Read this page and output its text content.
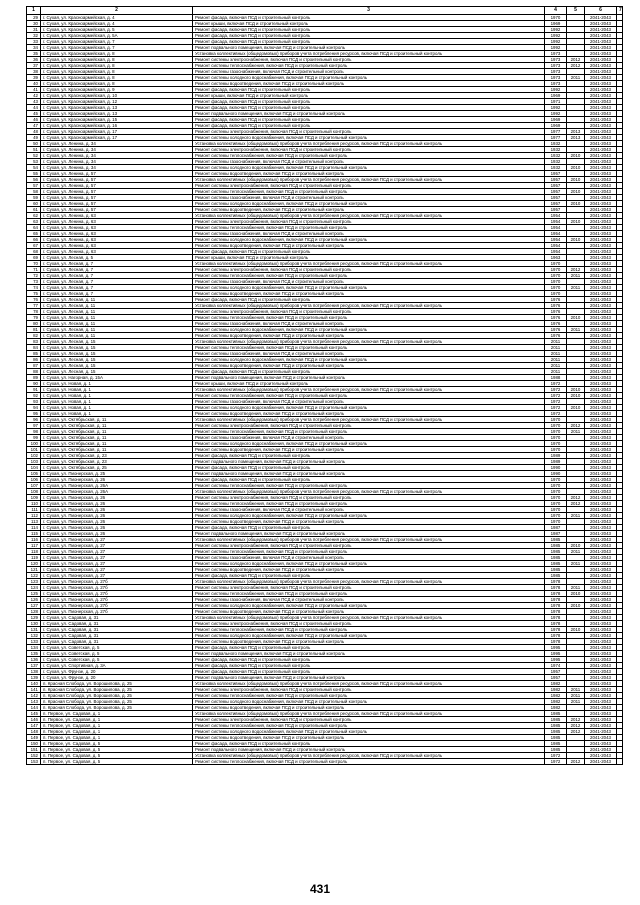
1	2	3	4	5	6	7
29	г. Сухая, ул. Красноармейская, д. 4	Ремонт фасада, включая ПСД и строительный контроль	1970		2041-2043	
30	г. Сухая, ул. Красноармейская, д. 4	Ремонт крыши, включая ПСД и строительный контроль	1969		2041-2043	
31	г. Сухая, ул. Красноармейская, д. 5	Ремонт фасада, включая ПСД и строительный контроль	1992		2041-2043	
32	г. Сухая, ул. Красноармейская, д. 5А	Ремонт фасада, включая ПСД и строительный контроль	1992		2041-2043	
33	г. Сухая, ул. Красноармейская, д. 7	Ремонт фасада, включая ПСД и строительный контроль	1992		2041-2043	
34	г. Сухая, ул. Красноармейская, д. 7	Ремонт подвального помещения, включая ПСД и строительный контроль	1992		2041-2043	
35	г. Сухая, ул. Красноармейская, д. 8	Установка коллективных (общедомовых) приборов учета потребления ресурсов, включая ПСД и строительный контроль	1973		2041-2043	
36	г. Сухая, ул. Красноармейская, д. 8	Ремонт системы электроснабжения, включая ПСД и строительный контроль	1973	2012	2041-2043	
37	г. Сухая, ул. Красноармейская, д. 8	Ремонт системы теплоснабжения, включая ПСД и строительный контроль	1973	2012	2041-2043	
38	г. Сухая, ул. Красноармейская, д. 8	Ремонт системы газоснабжения, включая ПСД и строительный контроль	1973		2041-2043	
39	г. Сухая, ул. Красноармейская, д. 8	Ремонт системы холодного водоснабжения, включая ПСД и строительный контроль	1973	2011	2041-2043	
40	г. Сухая, ул. Красноармейская, д. 8	Ремонт системы водоотведения, включая ПСД и строительный контроль	1973		2041-2043	
41	г. Сухая, ул. Красноармейская, д. 9	Ремонт фасада, включая ПСД и строительный контроль	1992		2041-2043	
42	г. Сухая, ул. Красноармейская, д. 10	Ремонт крыши, включая ПСД и строительный контроль	1969		2041-2043	
43	г. Сухая, ул. Красноармейская, д. 12	Ремонт фасада, включая ПСД и строительный контроль	1971		2041-2043	
44	г. Сухая, ул. Красноармейская, д. 13	Ремонт фасада, включая ПСД и строительный контроль	1992		2041-2043	
45	г. Сухая, ул. Красноармейская, д. 13	Ремонт подвального помещения, включая ПСД и строительный контроль	1992		2041-2043	
46	г. Сухая, ул. Красноармейская, д. 15	Ремонт фасада, включая ПСД и строительный контроль	1969		2041-2043	
47	г. Сухая, ул. Красноармейская, д. 16	Ремонт фасада, включая ПСД и строительный контроль	1969		2041-2043	
48	г. Сухая, ул. Красноармейская, д. 17	Ремонт системы электроснабжения, включая ПСД и строительный контроль	1977	2013	2041-2043	
49	г. Сухая, ул. Красноармейская, д. 17	Ремонт системы холодного водоснабжения, включая ПСД и строительный контроль	1977	2013	2041-2043	
50	г. Сухая, ул. Ленина, д. 34	Установка коллективных (общедомовых) приборов учета потребления ресурсов, включая ПСД и строительный контроль	1932		2041-2043	
51	г. Сухая, ул. Ленина, д. 34	Ремонт системы электроснабжения, включая ПСД и строительный контроль	1932		2041-2043	
52	г. Сухая, ул. Ленина, д. 34	Ремонт системы теплоснабжения, включая ПСД и строительный контроль	1932	2010	2041-2043	
53	г. Сухая, ул. Ленина, д. 34	Ремонт системы газоснабжения, включая ПСД и строительный контроль	1932		2041-2043	
54	г. Сухая, ул. Ленина, д. 34	Ремонт системы холодного водоснабжения, включая ПСД и строительный контроль	1932	2010	2041-2043	
55	г. Сухая, ул. Ленина, д. 57	Ремонт системы водоотведения, включая ПСД и строительный контроль	1957		2041-2043	
56	г. Сухая, ул. Ленина, д. 57	Установка коллективных (общедомовых) приборов учета потребления ресурсов, включая ПСД и строительный контроль	1957	2010	2041-2043	
57	г. Сухая, ул. Ленина, д. 57	Ремонт системы электроснабжения, включая ПСД и строительный контроль	1957		2041-2043	
58	г. Сухая, ул. Ленина, д. 57	Ремонт системы теплоснабжения, включая ПСД и строительный контроль	1957	2010	2041-2043	
59	г. Сухая, ул. Ленина, д. 57	Ремонт системы газоснабжения, включая ПСД и строительный контроль	1957		2041-2043	
60	г. Сухая, ул. Ленина, д. 57	Ремонт системы холодного водоснабжения, включая ПСД и строительный контроль	1957	2010	2041-2043	
61	г. Сухая, ул. Ленина, д. 57	Ремонт системы водоотведения, включая ПСД и строительный контроль	1957		2041-2043	
62	г. Сухая, ул. Ленина, д. 63	Установка коллективных (общедомовых) приборов учета потребления ресурсов, включая ПСД и строительный контроль	1954		2041-2043	
63	г. Сухая, ул. Ленина, д. 63	Ремонт системы электроснабжения, включая ПСД и строительный контроль	1954	2010	2041-2043	
64	г. Сухая, ул. Ленина, д. 63	Ремонт системы теплоснабжения, включая ПСД и строительный контроль	1954		2041-2043	
65	г. Сухая, ул. Ленина, д. 63	Ремонт системы газоснабжения, включая ПСД и строительный контроль	1954		2041-2043	
66	г. Сухая, ул. Ленина, д. 63	Ремонт системы холодного водоснабжения, включая ПСД и строительный контроль	1954	2010	2041-2043	
67	г. Сухая, ул. Ленина, д. 63	Ремонт системы водоотведения, включая ПСД и строительный контроль	1954		2041-2043	
68	г. Сухая, ул. Ленина, д. 63	Ремонт фасада, включая ПСД и строительный контроль	1954		2041-2043	
69	г. Сухая, ул. Лесная, д. 5	Ремонт крыши, включая ПСД и строительный контроль	1963		2041-2043	
70	г. Сухая, ул. Лесная, д. 7	Установка коллективных (общедомовых) приборов учета потребления ресурсов, включая ПСД и строительный контроль	1970		2041-2043	
71	г. Сухая, ул. Лесная, д. 7	Ремонт системы электроснабжения, включая ПСД и строительный контроль	1970	2012	2041-2043	
72	г. Сухая, ул. Лесная, д. 7	Ремонт системы теплоснабжения, включая ПСД и строительный контроль	1970	2011	2041-2043	
73	г. Сухая, ул. Лесная, д. 7	Ремонт системы газоснабжения, включая ПСД и строительный контроль	1970		2041-2043	
74	г. Сухая, ул. Лесная, д. 7	Ремонт системы холодного водоснабжения, включая ПСД и строительный контроль	1970	2011	2041-2043	
75	г. Сухая, ул. Лесная, д. 7	Ремонт системы водоотведения, включая ПСД и строительный контроль	1970		2041-2043	
76	г. Сухая, ул. Лесная, д. 11	Ремонт фасада, включая ПСД и строительный контроль	1976		2041-2043	
77	г. Сухая, ул. Лесная, д. 11	Установка коллективных (общедомовых) приборов учета потребления ресурсов, включая ПСД и строительный контроль	1976		2041-2043	
78	г. Сухая, ул. Лесная, д. 11	Ремонт системы электроснабжения, включая ПСД и строительный контроль	1976		2041-2043	
79	г. Сухая, ул. Лесная, д. 11	Ремонт системы теплоснабжения, включая ПСД и строительный контроль	1976	2010	2041-2043	
80	г. Сухая, ул. Лесная, д. 11	Ремонт системы газоснабжения, включая ПСД и строительный контроль	1976		2041-2043	
81	г. Сухая, ул. Лесная, д. 11	Ремонт системы холодного водоснабжения, включая ПСД и строительный контроль	1976	2011	2041-2043	
82	г. Сухая, ул. Лесная, д. 11	Ремонт системы водоотведения, включая ПСД и строительный контроль	1976		2041-2043	
83	г. Сухая, ул. Лесная, д. 15	Установка коллективных (общедомовых) приборов учета потребления ресурсов, включая ПСД и строительный контроль	2011		2041-2043	
84	г. Сухая, ул. Лесная, д. 15	Ремонт системы теплоснабжения, включая ПСД и строительный контроль	2011		2041-2043	
85	г. Сухая, ул. Лесная, д. 15	Ремонт системы газоснабжения, включая ПСД и строительный контроль	2011		2041-2043	
86	г. Сухая, ул. Лесная, д. 15	Ремонт системы холодного водоснабжения, включая ПСД и строительный контроль	2011		2041-2043	
87	г. Сухая, ул. Лесная, д. 15	Ремонт системы водоотведения, включая ПСД и строительный контроль	2011		2041-2043	
88	г. Сухая, ул. Лесная, д. 15	Ремонт фасада, включая ПСД и строительный контроль	2011		2041-2043	
89	г. Сухая, ул. Нагорная, д. 15А	Ремонт подвального помещения, включая ПСД и строительный контроль	1988		2041-2043	
90	г. Сухая, ул. Новая, д. 1	Ремонт крыши, включая ПСД и строительный контроль	1972		2041-2043	
91	г. Сухая, ул. Новая, д. 1	Установка коллективных (общедомовых) приборов учета потребления ресурсов, включая ПСД и строительный контроль	1972	2010	2041-2043	
92	г. Сухая, ул. Новая, д. 1	Ремонт системы теплоснабжения, включая ПСД и строительный контроль	1972	2010	2041-2043	
93	г. Сухая, ул. Новая, д. 1	Ремонт системы газоснабжения, включая ПСД и строительный контроль	1972		2041-2043	
94	г. Сухая, ул. Новая, д. 1	Ремонт системы холодного водоснабжения, включая ПСД и строительный контроль	1972	2010	2041-2043	
95	г. Сухая, ул. Новая, д. 1	Ремонт системы водоотведения, включая ПСД и строительный контроль	1972		2041-2043	
96	г. Сухая, ул. Октябрьская, д. 11	Установка коллективных (общедомовых) приборов учета потребления ресурсов, включая ПСД и строительный контроль	1970		2041-2043	
97	г. Сухая, ул. Октябрьская, д. 11	Ремонт системы электроснабжения, включая ПСД и строительный контроль	1970	2012	2041-2043	
98	г. Сухая, ул. Октябрьская, д. 11	Ремонт системы теплоснабжения, включая ПСД и строительный контроль	1970	2011	2041-2043	
99	г. Сухая, ул. Октябрьская, д. 11	Ремонт системы газоснабжения, включая ПСД и строительный контроль	1970		2041-2043	
100	г. Сухая, ул. Октябрьская, д. 11	Ремонт системы холодного водоснабжения, включая ПСД и строительный контроль	1970		2041-2043	
101	г. Сухая, ул. Октябрьская, д. 11	Ремонт системы водоотведения, включая ПСД и строительный контроль	1970		2041-2043	
102	г. Сухая, ул. Октябрьская, д. 23	Ремонт фасада, включая ПСД и строительный контроль	1989		2041-2043	
103	г. Сухая, ул. Октябрьская, д. 23	Ремонт подвального помещения, включая ПСД и строительный контроль	1989		2041-2043	
104	г. Сухая, ул. Октябрьская, д. 25	Ремонт фасада, включая ПСД и строительный контроль	1990		2041-2043	
105	г. Сухая, ул. Пионерская, д. 25	Ремонт подвального помещения, включая ПСД и строительный контроль	1990		2041-2043	
106	г. Сухая, ул. Пионерская, д. 26	Ремонт фасада, включая ПСД и строительный контроль	1970		2041-2043	
107	г. Сухая, ул. Пионерская, д. 26А	Ремонт системы теплоснабжения, включая ПСД и строительный контроль	1970		2041-2043	
108	г. Сухая, ул. Пионерская, д. 26А	Установка коллективных (общедомовых) приборов учета потребления ресурсов, включая ПСД и строительный контроль	1970		2041-2043	
109	г. Сухая, ул. Пионерская, д. 26	Ремонт системы электроснабжения, включая ПСД и строительный контроль	1970	2012	2041-2043	
110	г. Сухая, ул. Пионерская, д. 26	Ремонт системы теплоснабжения, включая ПСД и строительный контроль	1970	2012	2041-2043	
111	г. Сухая, ул. Пионерская, д. 26	Ремонт системы газоснабжения, включая ПСД и строительный контроль	1970		2041-2043	
112	г. Сухая, ул. Пионерская, д. 26	Ремонт системы холодного водоснабжения, включая ПСД и строительный контроль	1970	2011	2041-2043	
113	г. Сухая, ул. Пионерская, д. 26	Ремонт системы водоотведения, включая ПСД и строительный контроль	1970		2041-2043	
114	г. Сухая, ул. Пионерская, д. 26	Ремонт фасада, включая ПСД и строительный контроль	1987		2041-2043	
115	г. Сухая, ул. Пионерская, д. 26	Ремонт подвального помещения, включая ПСД и строительный контроль	1987		2041-2043	
116	г. Сухая, ул. Пионерская, д. 27	Установка коллективных (общедомовых) приборов учета потребления ресурсов, включая ПСД и строительный контроль	1985		2041-2043	
117	г. Сухая, ул. Пионерская, д. 27	Ремонт системы электроснабжения, включая ПСД и строительный контроль	1985	2010	2041-2043	
118	г. Сухая, ул. Пионерская, д. 27	Ремонт системы теплоснабжения, включая ПСД и строительный контроль	1985	2011	2041-2043	
119	г. Сухая, ул. Пионерская, д. 27	Ремонт системы газоснабжения, включая ПСД и строительный контроль	1985		2041-2043	
120	г. Сухая, ул. Пионерская, д. 27	Ремонт системы холодного водоснабжения, включая ПСД и строительный контроль	1985	2011	2041-2043	
121	г. Сухая, ул. Пионерская, д. 27	Ремонт системы водоотведения, включая ПСД и строительный контроль	1985		2041-2043	
122	г. Сухая, ул. Пионерская, д. 27	Ремонт фасада, включая ПСД и строительный контроль	1985		2041-2043	
123	г. Сухая, ул. Пионерская, д. 27б	Установка коллективных (общедомовых) приборов учета потребления ресурсов, включая ПСД и строительный контроль	1978		2041-2043	
124	г. Сухая, ул. Пионерская, д. 27б	Ремонт системы электроснабжения, включая ПСД и строительный контроль	1978	2011	2041-2043	
125	г. Сухая, ул. Пионерская, д. 27б	Ремонт системы теплоснабжения, включая ПСД и строительный контроль	1978	2010	2041-2043	
126	г. Сухая, ул. Пионерская, д. 27б	Ремонт системы газоснабжения, включая ПСД и строительный контроль	1978		2041-2043	
127	г. Сухая, ул. Пионерская, д. 27б	Ремонт системы холодного водоснабжения, включая ПСД и строительный контроль	1978	2010	2041-2043	
128	г. Сухая, ул. Пионерская, д. 27б	Ремонт системы водоотведения, включая ПСД и строительный контроль	1978		2041-2043	
129	г. Сухая, ул. Садовая, д. 31	Установка коллективных (общедомовых) приборов учета потребления ресурсов, включая ПСД и строительный контроль	1978		2041-2043	
130	г. Сухая, ул. Садовая, д. 31	Ремонт системы электроснабжения, включая ПСД и строительный контроль	1978		2041-2043	
131	г. Сухая, ул. Садовая, д. 31	Ремонт системы теплоснабжения, включая ПСД и строительный контроль	1978	2010	2041-2043	
132	г. Сухая, ул. Садовая, д. 31	Ремонт системы холодного водоснабжения, включая ПСД и строительный контроль	1978		2041-2043	
133	г. Сухая, ул. Садовая, д. 31	Ремонт системы водоотведения, включая ПСД и строительный контроль	1978		2041-2043	
134	г. Сухая, ул. Советская, д. 5	Ремонт фасада, включая ПСД и строительный контроль	1995		2041-2043	
135	г. Сухая, ул. Советская, д. 5	Ремонт подвального помещения, включая ПСД и строительный контроль	1995		2041-2043	
136	г. Сухая, ул. Советская, д. 5	Ремонт фасада, включая ПСД и строительный контроль	1995		2041-2043	
137	г. Сухая, ул. Спортивная, д. 3А	Ремонт фасада, включая ПСД и строительный контроль	1974		2041-2043	
138	г. Сухая, ул. Фрунзе, д. 20	Ремонт фасада, включая ПСД и строительный контроль	1957		2041-2043	
139	г. Сухая, ул. Фрунзе, д. 20	Ремонт подвального помещения, включая ПСД и строительный контроль	1957		2041-2043	
140	п. Красная Слобода, ул. Ворошилова, д. 25	Установка коллективных (общедомовых) приборов учета потребления ресурсов, включая ПСД и строительный контроль	1982		2041-2043	
141	п. Красная Слобода, ул. Ворошилова, д. 25	Ремонт системы электроснабжения, включая ПСД и строительный контроль	1982	2011	2041-2043	
142	п. Красная Слобода, ул. Ворошилова, д. 25	Ремонт системы теплоснабжения, включая ПСД и строительный контроль	1982	2011	2041-2043	
143	п. Красная Слобода, ул. Ворошилова, д. 25	Ремонт системы холодного водоснабжения, включая ПСД и строительный контроль	1982	2011	2041-2043	
144	п. Красная Слобода, ул. Ворошилова, д. 25	Ремонт системы водоотведения, включая ПСД и строительный контроль	1982		2041-2043	
145	п. Первое, ул. Садовая, д. 1	Установка коллективных (общедомовых) приборов учета потребления ресурсов, включая ПСД и строительный контроль	1985		2041-2043	
146	п. Первое, ул. Садовая, д. 1	Ремонт системы электроснабжения, включая ПСД и строительный контроль	1985	2012	2041-2043	
147	п. Первое, ул. Садовая, д. 1	Ремонт системы теплоснабжения, включая ПСД и строительный контроль	1985	2012	2041-2043	
148	п. Первое, ул. Садовая, д. 1	Ремонт системы холодного водоснабжения, включая ПСД и строительный контроль	1985	2012	2041-2043	
149	п. Первое, ул. Садовая, д. 1	Ремонт системы водоотведения, включая ПСД и строительный контроль	1985		2041-2043	
150	п. Первое, ул. Садовая, д. 5	Ремонт фасада, включая ПСД и строительный контроль	1985		2041-2043	
151	п. Первое, ул. Садовая, д. 5	Ремонт подвального помещения, включая ПСД и строительный контроль	1985		2041-2043	
152	п. Первое, ул. Садовая, д. 5	Установка коллективных (общедомовых) приборов учета потребления ресурсов, включая ПСД и строительный контроль	1972		2041-2043	
153	п. Первое, ул. Садовая, д. 5	Ремонт системы теплоснабжения, включая ПСД и строительный контроль	1972	2012	2041-2043	
431
